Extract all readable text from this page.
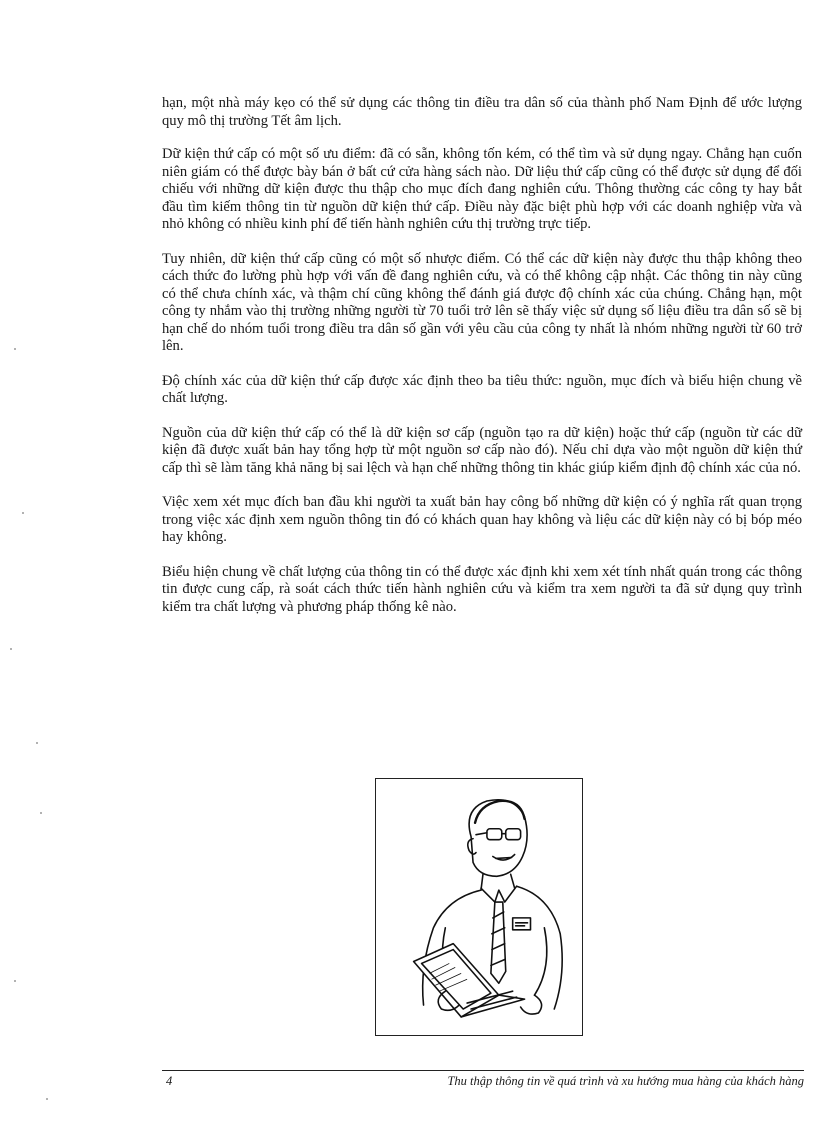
hạn, một nhà máy kẹo có thể sử dụng các thông tin điều tra dân số của thành phố Nam Định để ước lượng quy mô thị trường Tết âm lịch.

Dữ kiện thứ cấp có một số ưu điểm: đã có sẵn, không tốn kém, có thể tìm và sử dụng ngay. Chẳng hạn cuốn niên giám có thể được bày bán ở bất cứ cửa hàng sách nào. Dữ liệu thứ cấp cũng có thể được sử dụng để đối chiếu với những dữ kiện được thu thập cho mục đích đang nghiên cứu. Thông thường các công ty hay bắt đầu tìm kiếm thông tin từ nguồn dữ kiện thứ cấp. Điều này đặc biệt phù hợp với các doanh nghiệp vừa và nhỏ không có nhiều kinh phí để tiến hành nghiên cứu thị trường trực tiếp.

Tuy nhiên, dữ kiện thứ cấp cũng có một số nhược điểm. Có thể các dữ kiện này được thu thập không theo cách thức đo lường phù hợp với vấn đề đang nghiên cứu, và có thể không cập nhật. Các thông tin này cũng có thể chưa chính xác, và thậm chí cũng không thể đánh giá được độ chính xác của chúng. Chẳng hạn, một công ty nhắm vào thị trường những người từ 70 tuổi trở lên sẽ thấy việc sử dụng số liệu điều tra dân số sẽ bị hạn chế do nhóm tuổi trong điều tra dân số gần với yêu cầu của công ty nhất là nhóm những người từ 60 trở lên.

Độ chính xác của dữ kiện thứ cấp được xác định theo ba tiêu thức: nguồn, mục đích và biểu hiện chung về chất lượng.

Nguồn của dữ kiện thứ cấp có thể là dữ kiện sơ cấp (nguồn tạo ra dữ kiện) hoặc thứ cấp (nguồn từ các dữ kiện đã được xuất bản hay tổng hợp từ một nguồn sơ cấp nào đó). Nếu chỉ dựa vào một nguồn dữ kiện thứ cấp thì sẽ làm tăng khả năng bị sai lệch và hạn chế những thông tin khác giúp kiểm định độ chính xác của nó.

Việc xem xét mục đích ban đầu khi người ta xuất bản hay công bố những dữ kiện có ý nghĩa rất quan trọng trong việc xác định xem nguồn thông tin đó có khách quan hay không và liệu các dữ kiện này có bị bóp méo hay không.

Biểu hiện chung về chất lượng của thông tin có thể được xác định khi xem xét tính nhất quán trong các thông tin được cung cấp, rà soát cách thức tiến hành nghiên cứu và kiểm tra xem người ta đã sử dụng quy trình kiểm tra chất lượng và phương pháp thống kê nào.

4	Thu thập thông tin về quá trình và xu hướng mua hàng của khách hàng
